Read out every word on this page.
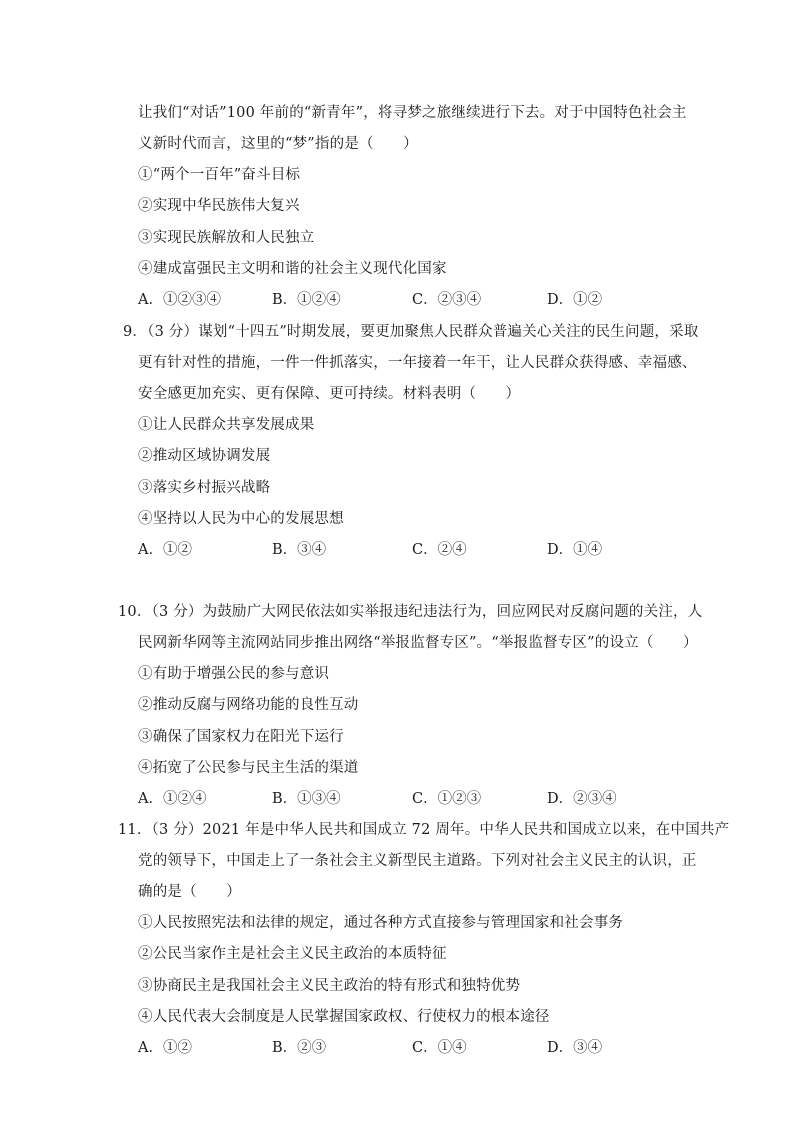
让我们“对话”100 年前的“新青年”，将寻梦之旅继续进行下去。对于中国特色社会主
义新时代而言，这里的“梦”指的是（　　）
①“两个一百年”奋斗目标
②实现中华民族伟大复兴
③实现民族解放和人民独立
④建成富强民主文明和谐的社会主义现代化国家
A．①②③④	B．①②④	C．②③④	D．①②
9．（3 分）谋划“十四五”时期发展，要更加聚焦人民群众普遍关心关注的民生问题，采取
更有针对性的措施，一件一件抓落实，一年接着一年干，让人民群众获得感、幸福感、
安全感更加充实、更有保障、更可持续。材料表明（　　）
①让人民群众共享发展成果
②推动区域协调发展
③落实乡村振兴战略
④坚持以人民为中心的发展思想
A．①②	B．③④	C．②④	D．①④
10．（3 分）为鼓励广大网民依法如实举报违纪违法行为，回应网民对反腐问题的关注，人
民网新华网等主流网站同步推出网络“举报监督专区”。“举报监督专区”的设立（　　）
①有助于增强公民的参与意识
②推动反腐与网络功能的良性互动
③确保了国家权力在阳光下运行
④拓宽了公民参与民主生活的渠道
A．①②④	B．①③④	C．①②③	D．②③④
11．（3 分）2021 年是中华人民共和国成立 72 周年。中华人民共和国成立以来，在中国共产
党的领导下，中国走上了一条社会主义新型民主道路。下列对社会主义民主的认识，正
确的是（　　）
①人民按照宪法和法律的规定，通过各种方式直接参与管理国家和社会事务
②公民当家作主是社会主义民主政治的本质特征
③协商民主是我国社会主义民主政治的特有形式和独特优势
④人民代表大会制度是人民掌握国家政权、行使权力的根本途径
A．①②	B．②③	C．①④	D．③④
